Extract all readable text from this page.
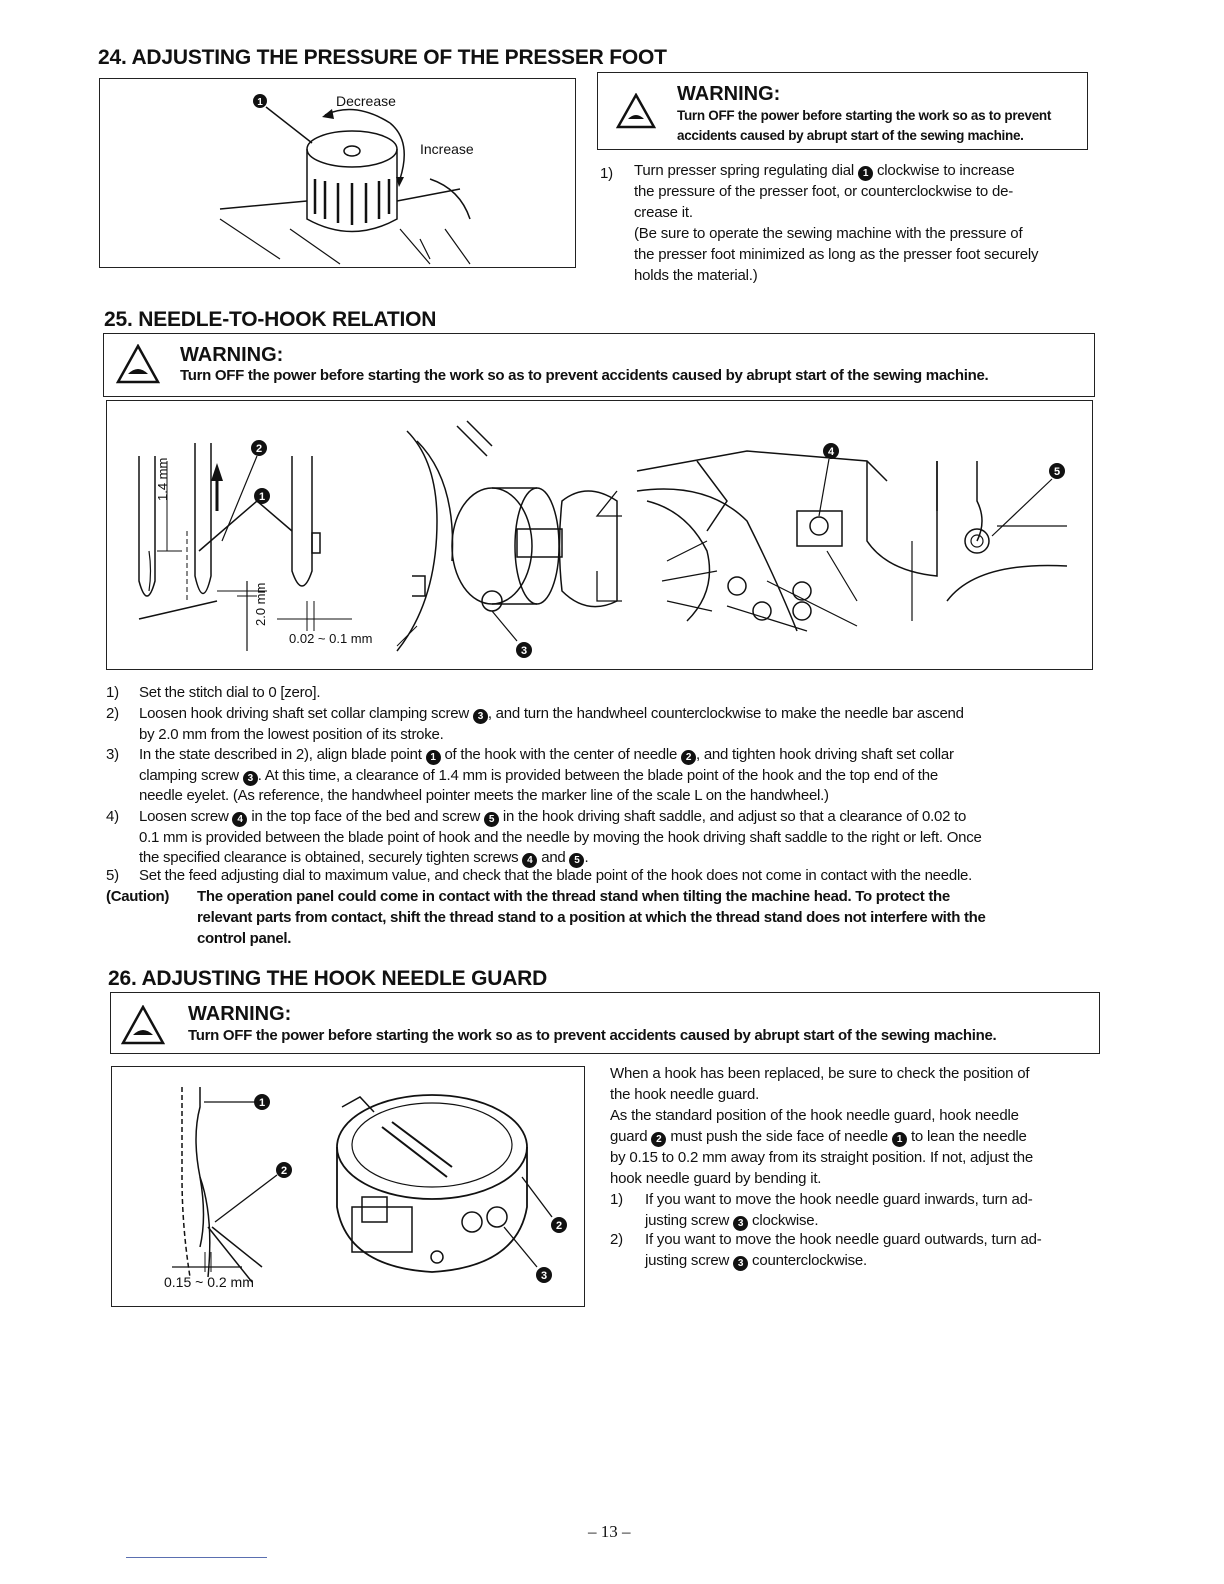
24. ADJUSTING THE PRESSURE OF THE PRESSER FOOT
1	Decrease
Increase
WARNING:
Turn OFF the power before starting the work so as to prevent
accidents caused by abrupt start of the sewing machine.
1) Turn presser spring regulating dial 1 clockwise to increase
the pressure of the presser foot, or counterclockwise to de-
crease it.
(Be sure to operate the sewing machine with the pressure of
the presser foot minimized as long as the presser foot securely
holds the material.)
25. NEEDLE-TO-HOOK RELATION
WARNING:
Turn OFF the power before starting the work so as to prevent accidents caused by abrupt start of the sewing machine.
2
1
3
4
5
1.4 mm
2.0 mm
0.02 ~ 0.1 mm
1) Set the stitch dial to 0 [zero].
2) Loosen hook driving shaft set collar clamping screw 3 , and turn the handwheel counterclockwise to make the needle bar ascend
by 2.0 mm from the lowest position of its stroke.
3) In the state described in 2), align blade point 1 of the hook with the center of needle 2 , and tighten hook driving shaft set collar
clamping screw 3 . At this time, a clearance of 1.4 mm is provided between the blade point of the hook and the top end of the
needle eyelet. (As reference, the handwheel pointer meets the marker line of the scale L on the handwheel.)
4) Loosen screw 4 in the top face of the bed and screw 5 in the hook driving shaft saddle, and adjust so that a clearance of 0.02 to
0.1 mm is provided between the blade point of hook and the needle by moving the hook driving shaft saddle to the right or left. Once
the specified clearance is obtained, securely tighten screws 4 and 5 .
5) Set the feed adjusting dial to maximum value, and check that the blade point of the hook does not come in contact with the needle.
(Caution) The operation panel could come in contact with the thread stand when tilting the machine head. To protect the
relevant parts from contact, shift the thread stand to a position at which the thread stand does not interfere with the
control panel.
26. ADJUSTING THE HOOK NEEDLE GUARD
WARNING:
Turn OFF the power before starting the work so as to prevent accidents caused by abrupt start of the sewing machine.
1
2
2
3
0.15 ~ 0.2 mm
When a hook has been replaced, be sure to check the position of
the hook needle guard.
As the standard position of the hook needle guard, hook needle
guard 2 must push the side face of needle 1 to lean the needle
by 0.15 to 0.2 mm away from its straight position. If not, adjust the
hook needle guard by bending it.
1) If you want to move the hook needle guard inwards, turn ad-
justing screw 3 clockwise.
2) If you want to move the hook needle guard outwards, turn ad-
justing screw 3 counterclockwise.
– 13 –
